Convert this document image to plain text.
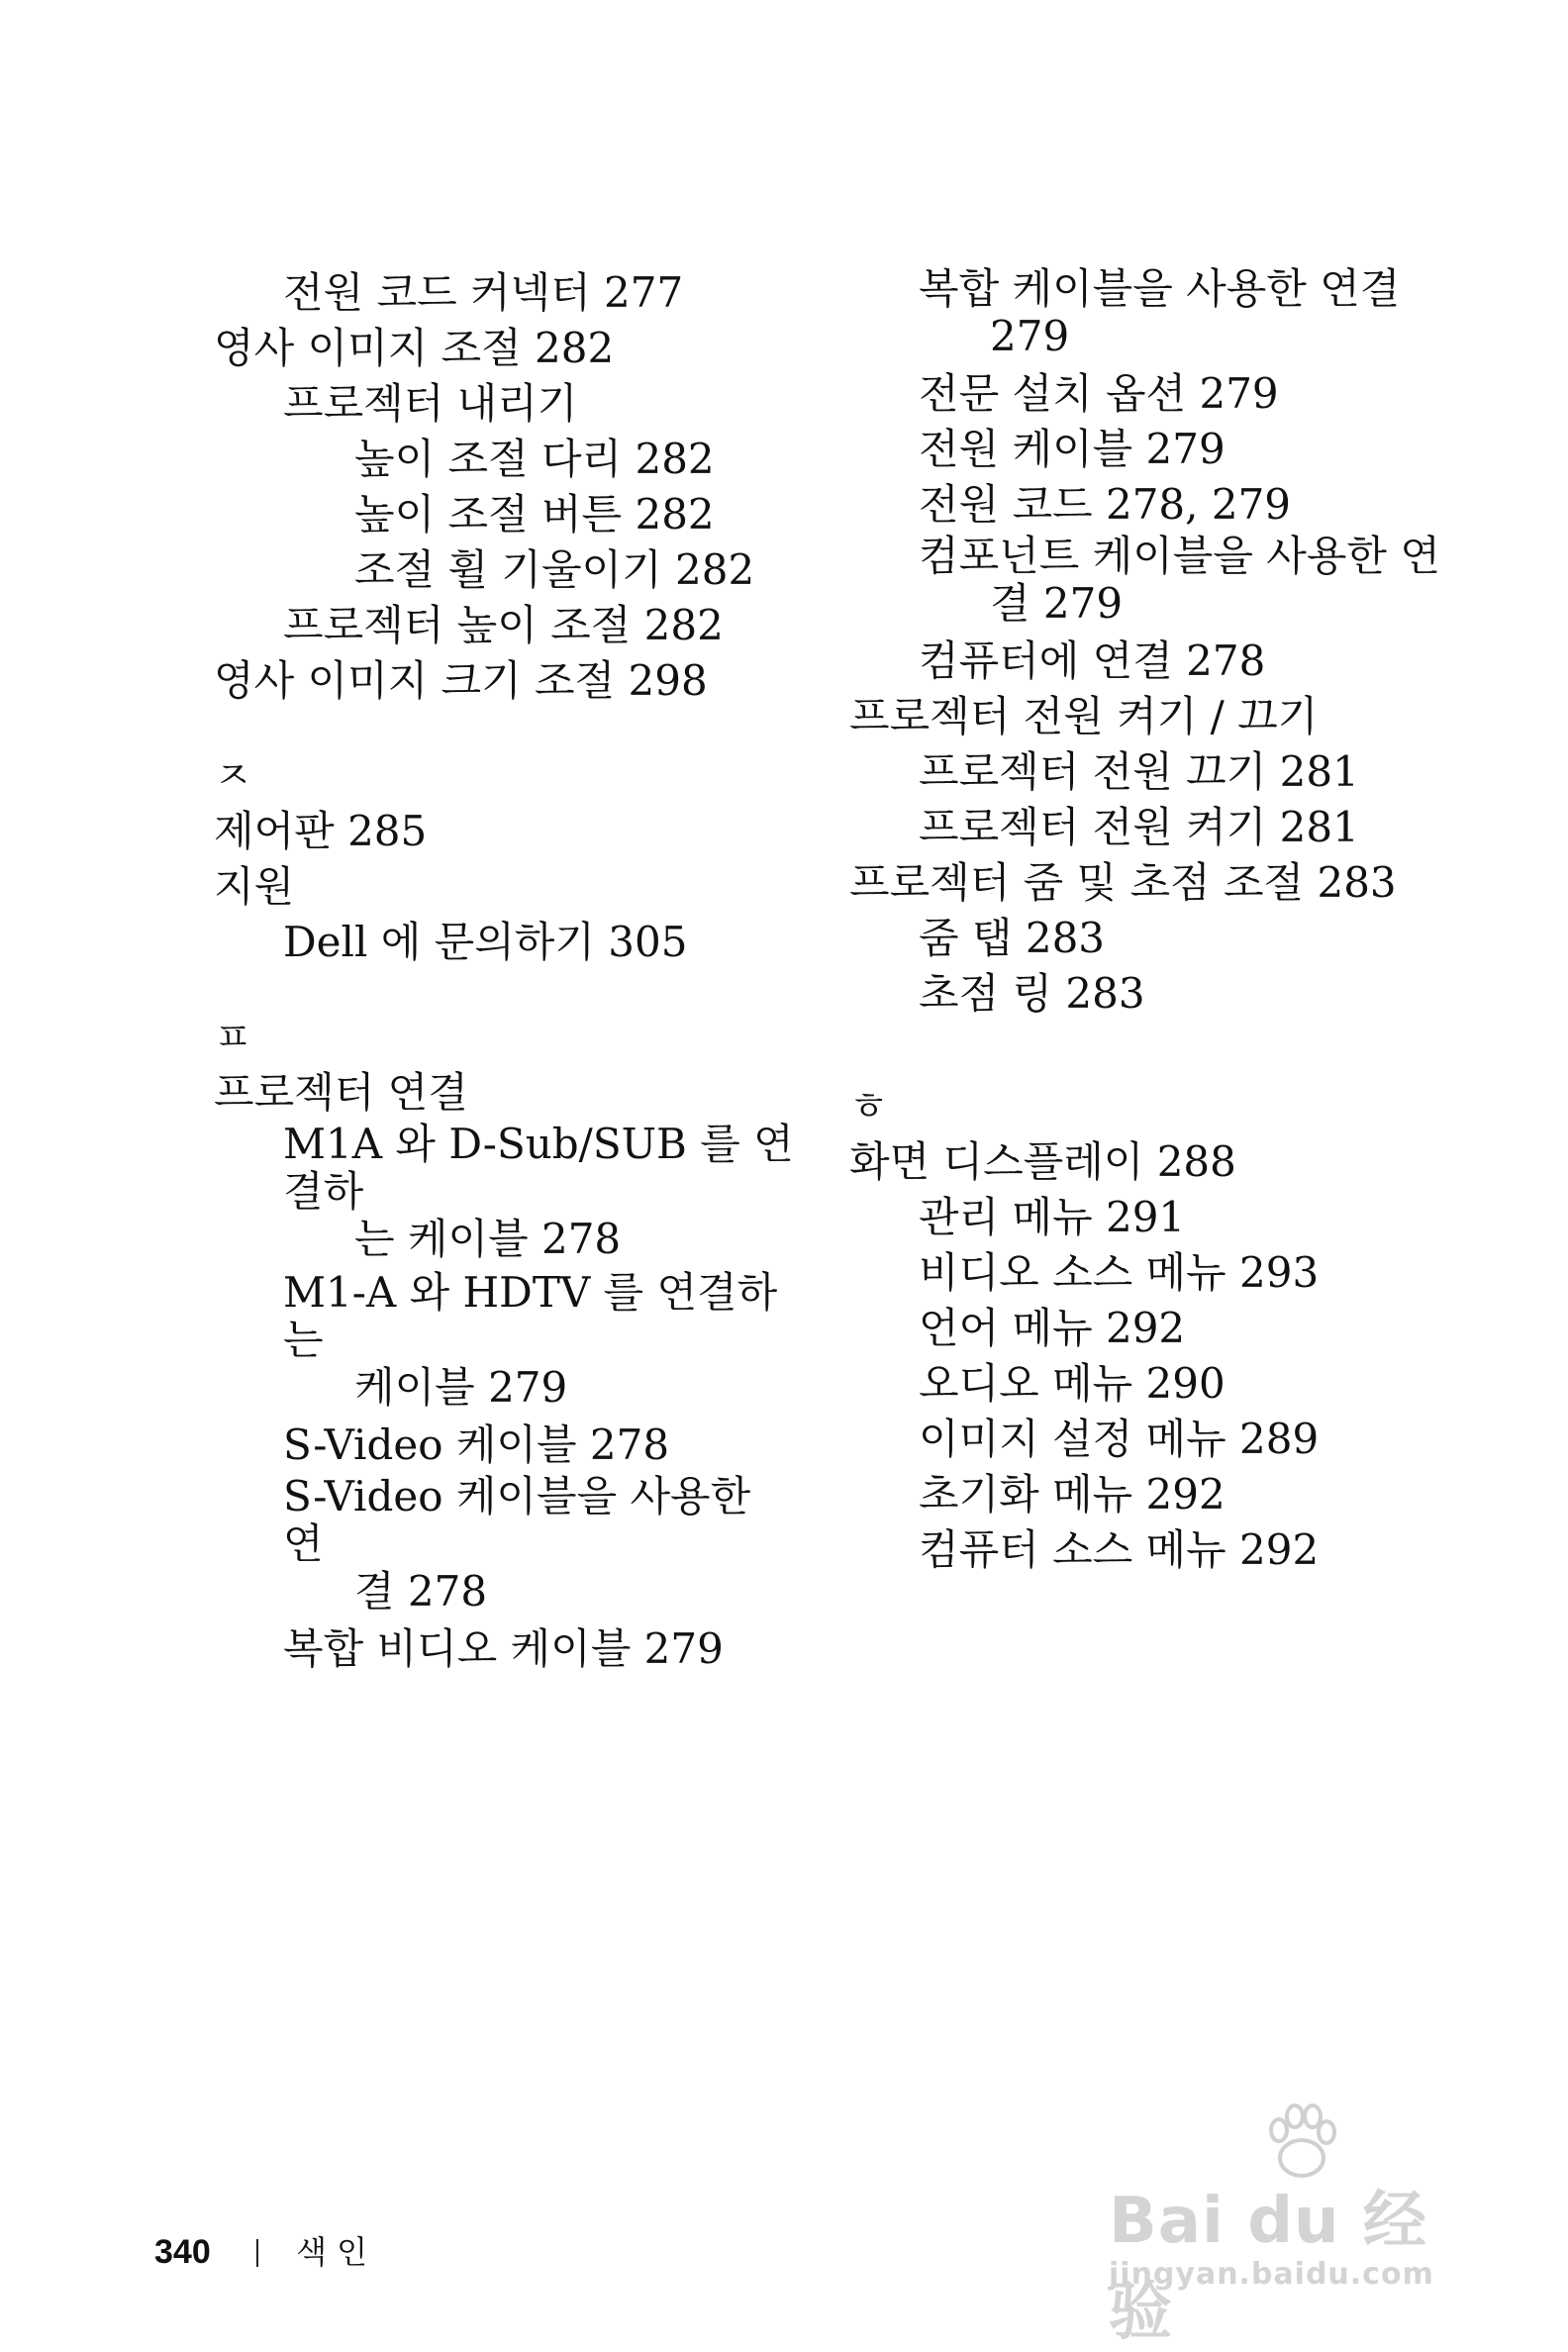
전원 코드 커넥터 277
영사 이미지 조절 282
프로젝터 내리기
높이 조절 다리 282
높이 조절 버튼 282
조절 휠 기울이기 282
프로젝터 높이 조절 282
영사 이미지 크기 조절 298
ㅈ
제어판 285
지원
Dell 에 문의하기 305
ㅍ
프로젝터 연결
M1A 와 D-Sub/SUB 를 연결하
는 케이블 278
M1-A 와 HDTV 를 연결하는
케이블 279
S-Video 케이블 278
S-Video 케이블을 사용한 연
결 278
복합 비디오 케이블 279
복합 케이블을 사용한 연결
279
전문 설치 옵션 279
전원 케이블 279
전원 코드 278, 279
컴포넌트 케이블을 사용한 연
결 279
컴퓨터에 연결 278
프로젝터 전원 켜기 / 끄기
프로젝터 전원 끄기 281
프로젝터 전원 켜기 281
프로젝터 줌 및 초점 조절 283
줌 탭 283
초점 링 283
ㅎ
화면 디스플레이 288
관리 메뉴 291
비디오 소스 메뉴 293
언어 메뉴 292
오디오 메뉴 290
이미지 설정 메뉴 289
초기화 메뉴 292
컴퓨터 소스 메뉴 292
340	색 인	Bai du 经验
jingyan.baidu.com
